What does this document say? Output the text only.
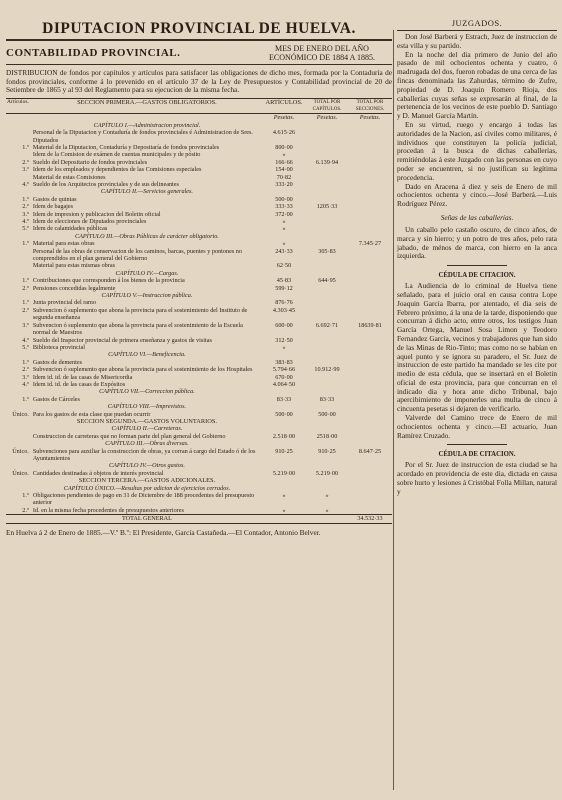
DIPUTACION PROVINCIAL DE HUELVA.
CONTABILIDAD PROVINCIAL.	MES DE ENERO DEL AÑO ECONÓMICO DE 1884 A 1885.
DISTRIBUCION de fondos por capítulos y artículos para satisfacer las obligaciones de dicho mes, formada por la Contaduría de fondos provinciales, conforme á lo prevenido en el artículo 37 de la Ley de Presupuestos y Contabilidad provincial de 20 de Setiembre de 1865 y al 93 del Reglamento para su ejecucion de la misma fecha.
Artículos.	SECCION PRIMERA.—GASTOS OBLIGATORIOS.	ARTÍCULOS.	TOTAL POR CAPÍTULOS.	TOTAL POR SECCIONES.
		Pesetas.	Pesetas.	Pesetas.
	CAPÍTULO I.—Administracion provincial.			
	Personal de la Diputacion y Contaduría de fondos provinciales é Administracion de Sres. Diputados	4.615·26		
1.º	Material de la Diputacion, Contaduría y Depositaría de fondos provinciales	800·00		
	Idem de la Comision de exámen de cuentas municipales y de pósito	»		
2.º	Sueldo del Depositario de fondos provinciales	166·66	6.139·94	
3.º	Idem de los empleados y dependientes de las Comisiones especiales	154·00		
	Material de estas Comisiones	70·82		
4.º	Sueldo de los Arquitectos provinciales y de sus delineantes	333·20		
	CAPÍTULO II.—Servicios generales.			
1.º	Gastos de quintas	500·00		
2.º	Idem de bagajes	333·33	1205·33	
3.º	Idem de impresion y publicacion del Boletin oficial	372·00		
4.º	Idem de elecciones de Diputados provinciales	»		
5.º	Idem de calamidades públicas	»		
	CAPÍTULO III.—Obras Públicas de carácter obligatorio.			
1.º	Material para estas obras	»		7.345·27
	Personal de las obras de conservacion de los caminos, barcas, puentes y pontones no comprendidos en el plan general del Gobierno	243·33	305·83	
	Material para estas mismas obras	62·50		
	CAPÍTULO IV.—Cargas.			
1.º	Contribuciones que corresponden á los bienes de la provincia	45·83	644·95	
2.º	Pensiones concedidas legalmente	599·12		
	CAPÍTULO V.—Instruccion pública.			
1.º	Junta provincial del ramo	876·76		
2.º	Subvencion ó suplemento que abona la provincia para el sostenimiento del Instituto de segunda enseñanza	4.303·45		
3.º	Subvencion ó suplemento que abona la provincia para el sostenimiento de la Escuela normal de Maestros	600·00	6.692·71	18639·81
4.º	Sueldo del Inspector provincial de primera enseñanza y gastos de visitas	312·50		
5.º	Biblioteca provincial	»		
	CAPÍTULO VI.—Beneficencia.			
1.º	Gastos de dementes	383·83		
2.º	Subvencion ó suplemento que abona la provincia para el sostenimiento de los Hospitales	5.794·66	10.912·99	
3.º	Idem id. id. de las casas de Misericordia	670·00		
4.º	Idem id. id. de las casas de Expósitos	4.064·50		
	CAPÍTULO VII.—Correccion pública.			
1.º	Gastos de Cárceles	83·33	83·33	
	CAPÍTULO VIII.—Imprevistos.			
Único.	Para los gastos de esta clase que puedan ocurrir	500·00	500·00	
	SECCION SEGUNDA.—GASTOS VOLUNTARIOS.			
	CAPÍTULO II.—Carreteras.			
	Construccion de carreteras que no forman parte del plan general del Gobierno	2.518·00	2518·00	
	CAPÍTULO III.—Obras diversas.			
Único.	Subvenciones para auxiliar la construccion de obras, ya corran á cargo del Estado ó de los Ayuntamientos	910·25	910·25	8.647·25
	CAPÍTULO IV.—Otros gastos.			
Único.	Cantidades destinadas á objetos de interés provincial	5.219·00	5.219·00	
	SECCION TERCERA.—GASTOS ADICIONALES.			
	CAPÍTULO ÚNICO.—Resultas por adicion de ejercicios cerrados.			
1.º	Obligaciones pendientes de pago en 31 de Diciembre de 188 procedentes del presupuesto anterior	»	»	
2.º	Id. en la misma fecha procedentes de presupuestos anteriores	»	»	
	TOTAL GENERAL			34.532·33
En Huelva á 2 de Enero de 1885.—V.º B.º: El Presidente, García Castañeda.—El Contador, Antonio Belver.
JUZGADOS.

Don José Barberá y Estrach, Juez de instruccion de esta villa y su partido.

En la noche del dia primero de Junio del año pasado de mil ochocientos ochenta y cuatro, ó madrugada del dos, fueron robadas de una cerca de las fincas denominada las Zahurdas, término de Zufre, propiedad de D. Joaquin Romero Rioja, dos caballerías cuyas señas se expresarán al final, de la pertenencia de los vecinos de este pueblo D. Santiago y D. Manuel García Martín.

En su virtud, ruego y encargo á todas las autoridades de la Nacion, así civiles como militares, é individuos que constituyen la policía judicial, procedan á la busca de dichas caballerías, remitiéndolas á este Juzgado con las personas en cuyo poder se encuentren, si no justifican su legítima procedencia.

Dado en Aracena á diez y seis de Enero de mil ochocientos ochenta y cinco.—José Barberá.—Luis Rodríguez Pérez.

Señas de las caballerías.

Un caballo pelo castaño oscuro, de cinco años, de marca y sin hierro; y un potro de tres años, pelo rata jabado, de ménos de marca, con hierro en la anca izquierda.

CÉDULA DE CITACION.

La Audiencia de lo criminal de Huelva tiene señalado, para el juicio oral en causa contra Lope Joaquin García Ibarra, por atentado, el dia seis de Febrero próximo, á la una de la tarde, disponiendo que concurran á dicho acto, entre otros, los testigos Juan García Ortega, Manuel Sosa Limon y Teodoro Fernandez García, vecinos y trabajadores que han sido de las Minas de Rio-Tinto; mas como no se habían en aquel punto y se ignora su paradero, el Sr. Juez de instruccion de este partido ha mandado se les cite por medio de esta cédula, que se insertará en el Boletin oficial de esta provincia, para que concurran en el indicado dia y hora ante dicho Tribunal, bajo apercibimiento de imponerles una multa de cinco á cincuenta pesetas si dejaren de verificarlo.

Valverde del Camino trece de Enero de mil ochocientos ochenta y cinco.—El actuario, Juan Ramírez Cruzado.

CÉDULA DE CITACION.

Por el Sr. Juez de instruccion de esta ciudad se ha acordado en providencia de este dia, dictada en causa sobre hurto y lesiones á Cristóbal Folla Millan, natural y
